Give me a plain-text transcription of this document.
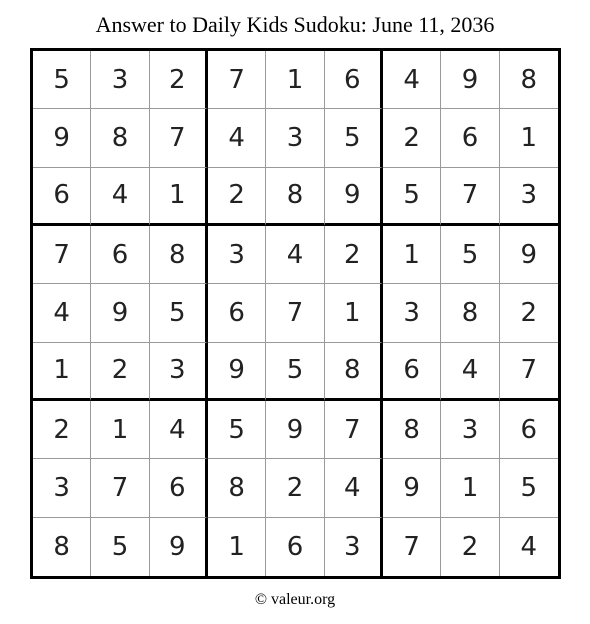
Answer to Daily Kids Sudoku: June 11, 2036
5	3	2	7	1	6	4	9	8
9	8	7	4	3	5	2	6	1
6	4	1	2	8	9	5	7	3
7	6	8	3	4	2	1	5	9
4	9	5	6	7	1	3	8	2
1	2	3	9	5	8	6	4	7
2	1	4	5	9	7	8	3	6
3	7	6	8	2	4	9	1	5
8	5	9	1	6	3	7	2	4
© valeur.org
